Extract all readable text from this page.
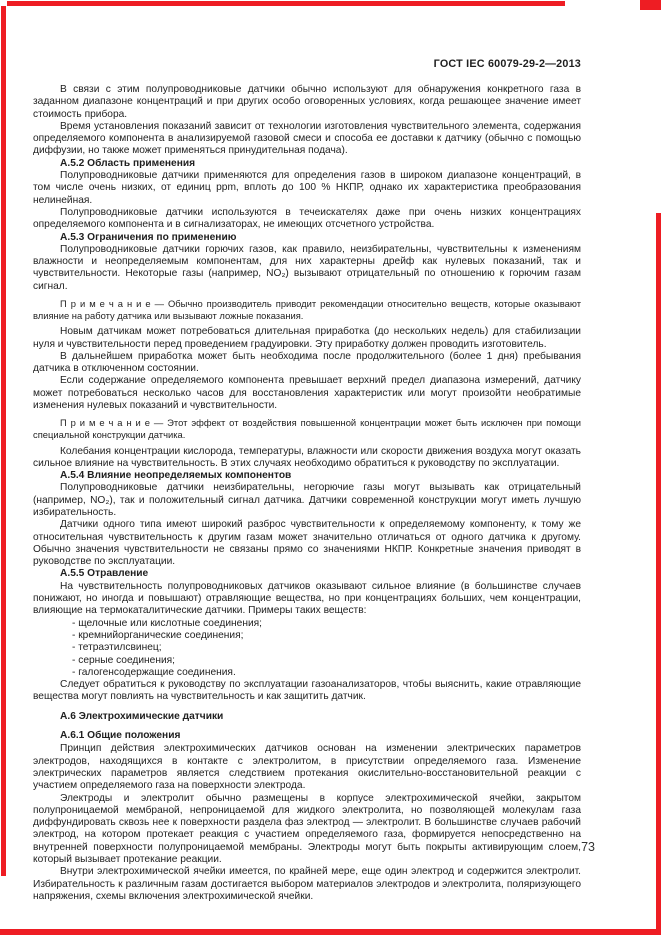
ГОСТ IEC 60079-29-2—2013

В связи с этим полупроводниковые датчики обычно используют для обнаружения конкретного газа в заданном диапазоне концентраций и при других особо оговоренных условиях, когда решающее значение имеет стоимость прибора.

Время установления показаний зависит от технологии изготовления чувствительного элемента, содержания определяемого компонента в анализируемой газовой смеси и способа ее доставки к датчику (обычно с помощью диффузии, но также может применяться принудительная подача).

А.5.2 Область применения

Полупроводниковые датчики применяются для определения газов в широком диапазоне концентраций, в том числе очень низких, от единиц ppm, вплоть до 100 % НКПР, однако их характеристика преобразования нелинейная.

Полупроводниковые датчики используются в течеискателях даже при очень низких концентрациях определяемого компонента и в сигнализаторах, не имеющих отсчетного устройства.

А.5.3 Ограничения по применению

Полупроводниковые датчики горючих газов, как правило, неизбирательны, чувствительны к изменениям влажности и неопределяемым компонентам, для них характерны дрейф как нулевых показаний, так и чувствительности. Некоторые газы (например, NO₂) вызывают отрицательный по отношению к горючим газам сигнал.

П р и м е ч а н и е — Обычно производитель приводит рекомендации относительно веществ, которые оказывают влияние на работу датчика или вызывают ложные показания.

Новым датчикам может потребоваться длительная приработка (до нескольких недель) для стабилизации нуля и чувствительности перед проведением градуировки. Эту приработку должен проводить изготовитель.

В дальнейшем приработка может быть необходима после продолжительного (более 1 дня) пребывания датчика в отключенном состоянии.

Если содержание определяемого компонента превышает верхний предел диапазона измерений, датчику может потребоваться несколько часов для восстановления характеристик или могут произойти необратимые изменения нулевых показаний и чувствительности.

П р и м е ч а н и е — Этот эффект от воздействия повышенной концентрации может быть исключен при помощи специальной конструкции датчика.

Колебания концентрации кислорода, температуры, влажности или скорости движения воздуха могут оказать сильное влияние на чувствительность. В этих случаях необходимо обратиться к руководству по эксплуатации.

А.5.4 Влияние неопределяемых компонентов

Полупроводниковые датчики неизбирательны, негорючие газы могут вызывать как отрицательный (например, NO₂), так и положительный сигнал датчика. Датчики современной конструкции могут иметь лучшую избирательность.

Датчики одного типа имеют широкий разброс чувствительности к определяемому компоненту, к тому же относительная чувствительность к другим газам может значительно отличаться от одного датчика к другому. Обычно значения чувствительности не связаны прямо со значениями НКПР. Конкретные значения приводят в руководстве по эксплуатации.

А.5.5 Отравление

На чувствительность полупроводниковых датчиков оказывают сильное влияние (в большинстве случаев понижают, но иногда и повышают) отравляющие вещества, но при концентрациях больших, чем концентрации, влияющие на термокаталитические датчики. Примеры таких веществ:

- щелочные или кислотные соединения;

- кремнийорганические соединения;

- тетраэтилсвинец;

- серные соединения;

- галогенсодержащие соединения.

Следует обратиться к руководству по эксплуатации газоанализаторов, чтобы выяснить, какие отравляющие вещества могут повлиять на чувствительность и как защитить датчик.

А.6 Электрохимические датчики

А.6.1 Общие положения

Принцип действия электрохимических датчиков основан на изменении электрических параметров электродов, находящихся в контакте с электролитом, в присутствии определяемого газа. Изменение электрических параметров является следствием протекания окислительно-восстановительной реакции с участием определяемого газа на поверхности электрода.

Электроды и электролит обычно размещены в корпусе электрохимической ячейки, закрытом полупроницаемой мембраной, непроницаемой для жидкого электролита, но позволяющей молекулам газа диффундировать сквозь нее к поверхности раздела фаз электрод — электролит. В большинстве случаев рабочий электрод, на котором протекает реакция с участием определяемого газа, формируется непосредственно на внутренней поверхности полупроницаемой мембраны. Электроды могут быть покрыты активирующим слоем, который вызывает протекание реакции.

Внутри электрохимической ячейки имеется, по крайней мере, еще один электрод и содержится электролит. Избирательность к различным газам достигается выбором материалов электродов и электролита, поляризующего напряжения, схемы включения электрохимической ячейки.

73
